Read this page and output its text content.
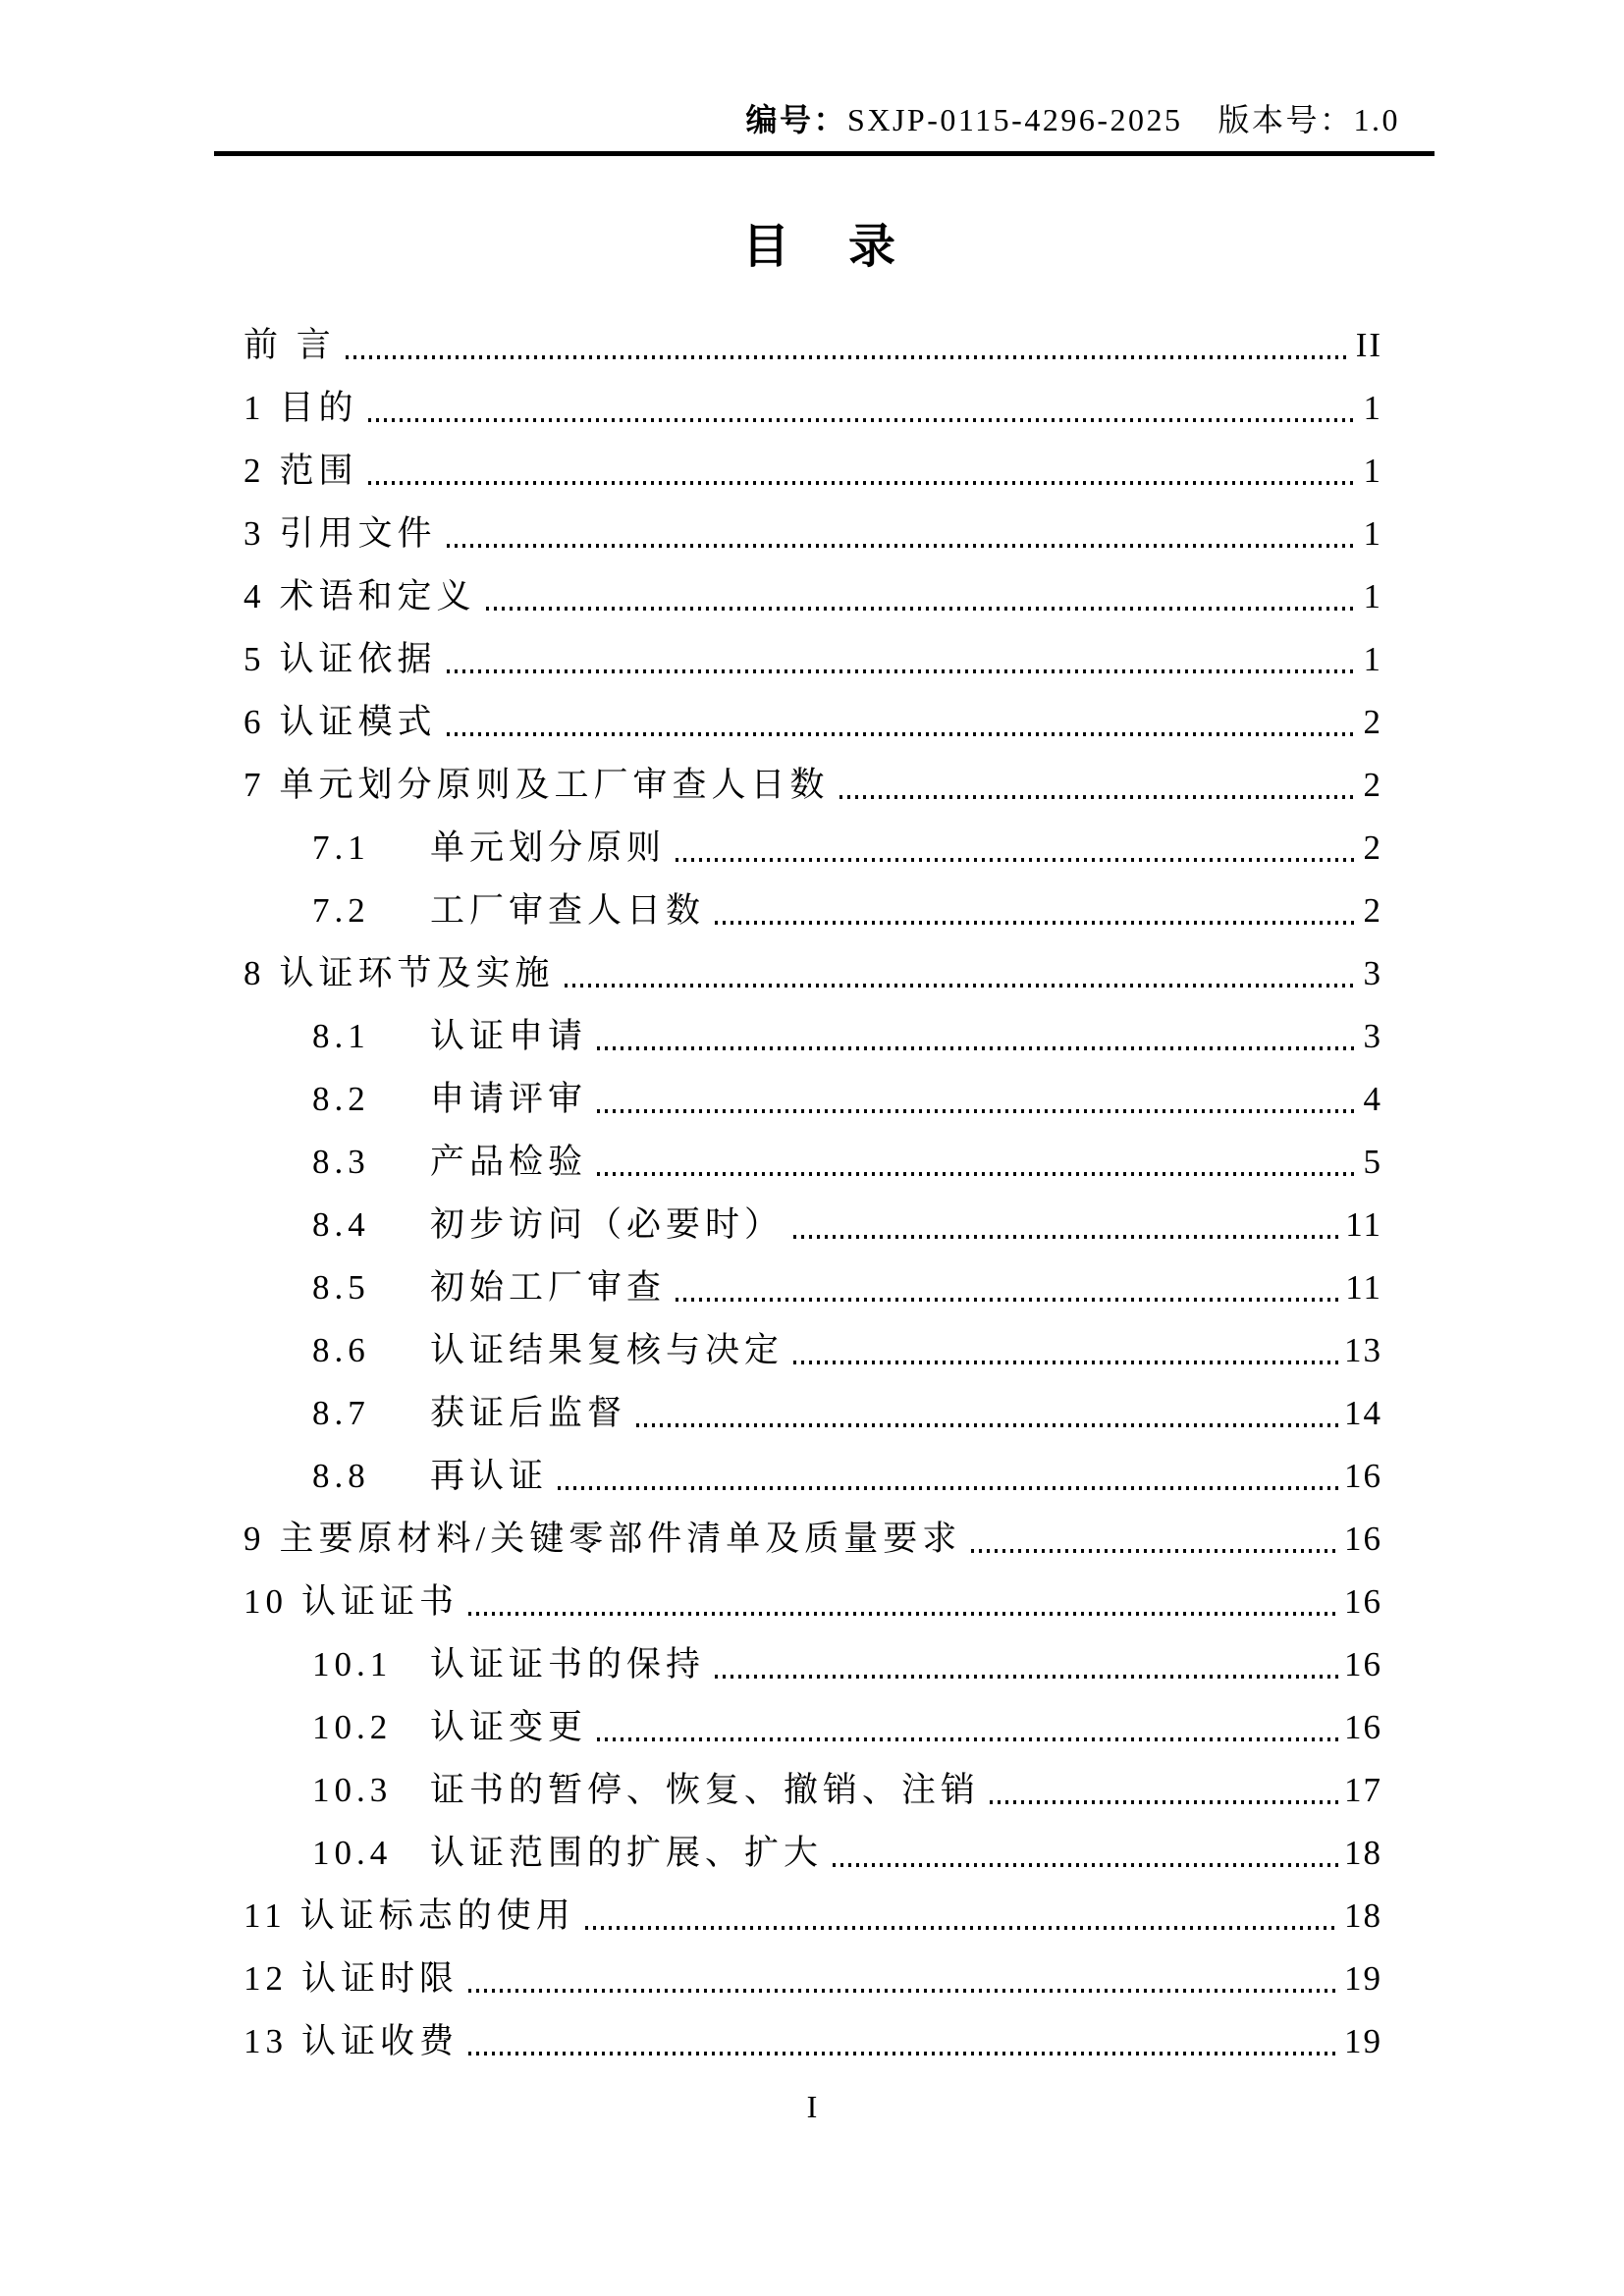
编号：SXJP-0115-4296-2025 版本号：1.0
目　录
前 言	II
1 目的	1
2 范围	1
3 引用文件	1
4 术语和定义	1
5 认证依据	1
6 认证模式	2
7 单元划分原则及工厂审查人日数	2
7.1	单元划分原则	2
7.2	工厂审查人日数	2
8 认证环节及实施	3
8.1	认证申请	3
8.2	申请评审	4
8.3	产品检验	5
8.4	初步访问（必要时）	11
8.5	初始工厂审查	11
8.6	认证结果复核与决定	13
8.7	获证后监督	14
8.8	再认证	16
9 主要原材料/关键零部件清单及质量要求	16
10 认证证书	16
10.1	认证证书的保持	16
10.2	认证变更	16
10.3	证书的暂停、恢复、撤销、注销	17
10.4	认证范围的扩展、扩大	18
11 认证标志的使用	18
12 认证时限	19
13 认证收费	19
I
